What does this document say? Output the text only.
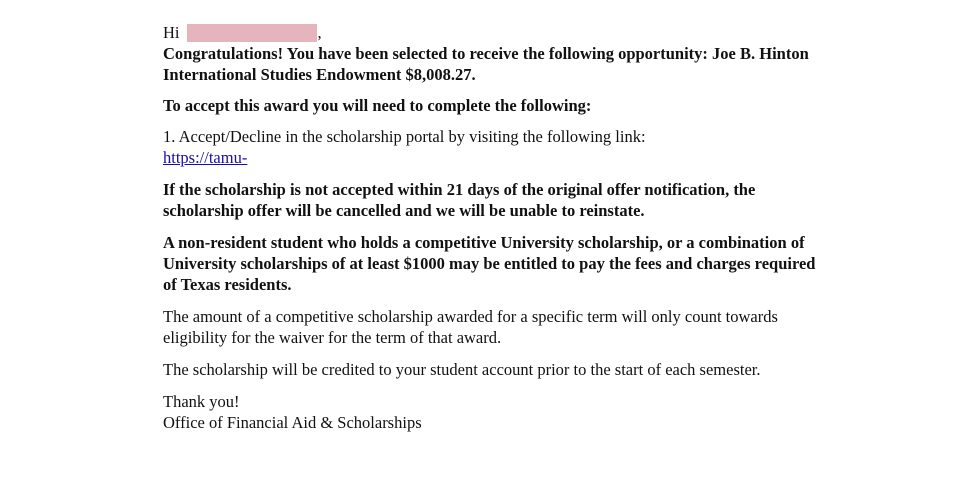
Hi	,

Congratulations! You have been selected to receive the following opportunity: Joe B. Hinton International Studies Endowment $8,008.27.

To accept this award you will need to complete the following:

1. Accept/Decline in the scholarship portal by visiting the following link:

https://tamu-

If the scholarship is not accepted within 21 days of the original offer notification, the scholarship offer will be cancelled and we will be unable to reinstate.

A non-resident student who holds a competitive University scholarship, or a combination of University scholarships of at least $1000 may be entitled to pay the fees and charges required of Texas residents.

The amount of a competitive scholarship awarded for a specific term will only count towards eligibility for the waiver for the term of that award.

The scholarship will be credited to your student account prior to the start of each semester.

Thank you!

Office of Financial Aid & Scholarships
